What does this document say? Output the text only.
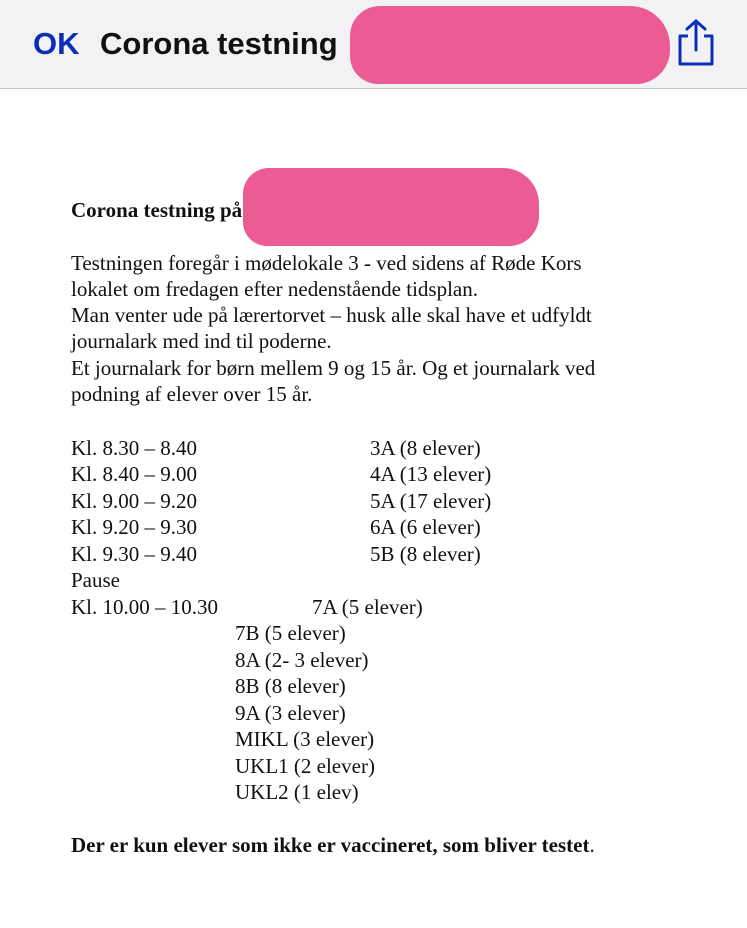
OK Corona testning
Corona testning på
Testningen foregår i mødelokale 3 - ved sidens af Røde Kors
lokalet om fredagen efter nedenstående tidsplan.
Man venter ude på lærertorvet – husk alle skal have et udfyldt
journalark med ind til poderne.
Et journalark for børn mellem 9 og 15 år. Og et journalark ved
podning af elever over 15 år.
Kl. 8.30 – 8.40	3A (8 elever)
Kl. 8.40 – 9.00	4A (13 elever)
Kl. 9.00 – 9.20	5A (17 elever)
Kl. 9.20 – 9.30	6A (6 elever)
Kl. 9.30 – 9.40	5B (8 elever)
Pause
Kl. 10.00 – 10.30	7A (5 elever)
7B (5 elever)
8A (2- 3 elever)
8B (8 elever)
9A (3 elever)
MIKL (3 elever)
UKL1 (2 elever)
UKL2 (1 elev)
Der er kun elever som ikke er vaccineret, som bliver testet.
